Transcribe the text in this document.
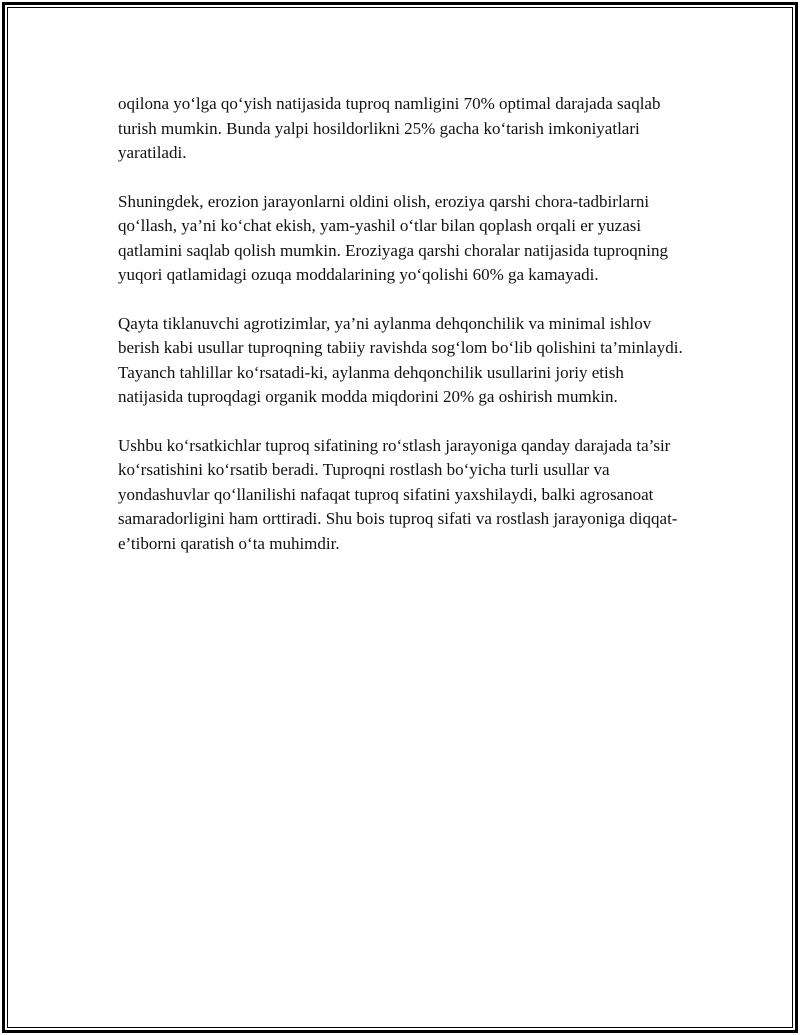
oqilona yo‘lga qo‘yish natijasida tuproq namligini 70% optimal darajada saqlab turish mumkin. Bunda yalpi hosildorlikni 25% gacha ko‘tarish imkoniyatlari yaratiladi.

Shuningdek, erozion jarayonlarni oldini olish, eroziya qarshi chora-tadbirlarni qo‘llash, ya’ni ko‘chat ekish, yam-yashil o‘tlar bilan qoplash orqali er yuzasi qatlamini saqlab qolish mumkin. Eroziyaga qarshi choralar natijasida tuproqning yuqori qatlamidagi ozuqa moddalarining yo‘qolishi 60% ga kamayadi.

Qayta tiklanuvchi agrotizimlar, ya’ni aylanma dehqonchilik va minimal ishlov berish kabi usullar tuproqning tabiiy ravishda sog‘lom bo‘lib qolishini ta’minlaydi. Tayanch tahlillar ko‘rsatadi-ki, aylanma dehqonchilik usullarini joriy etish natijasida tuproqdagi organik modda miqdorini 20% ga oshirish mumkin.

Ushbu ko‘rsatkichlar tuproq sifatining ro‘stlash jarayoniga qanday darajada ta’sir ko‘rsatishini ko‘rsatib beradi. Tuproqni rostlash bo‘yicha turli usullar va yondashuvlar qo‘llanilishi nafaqat tuproq sifatini yaxshilaydi, balki agrosanoat samaradorligini ham orttiradi. Shu bois tuproq sifati va rostlash jarayoniga diqqat-e’tiborni qaratish o‘ta muhimdir.
